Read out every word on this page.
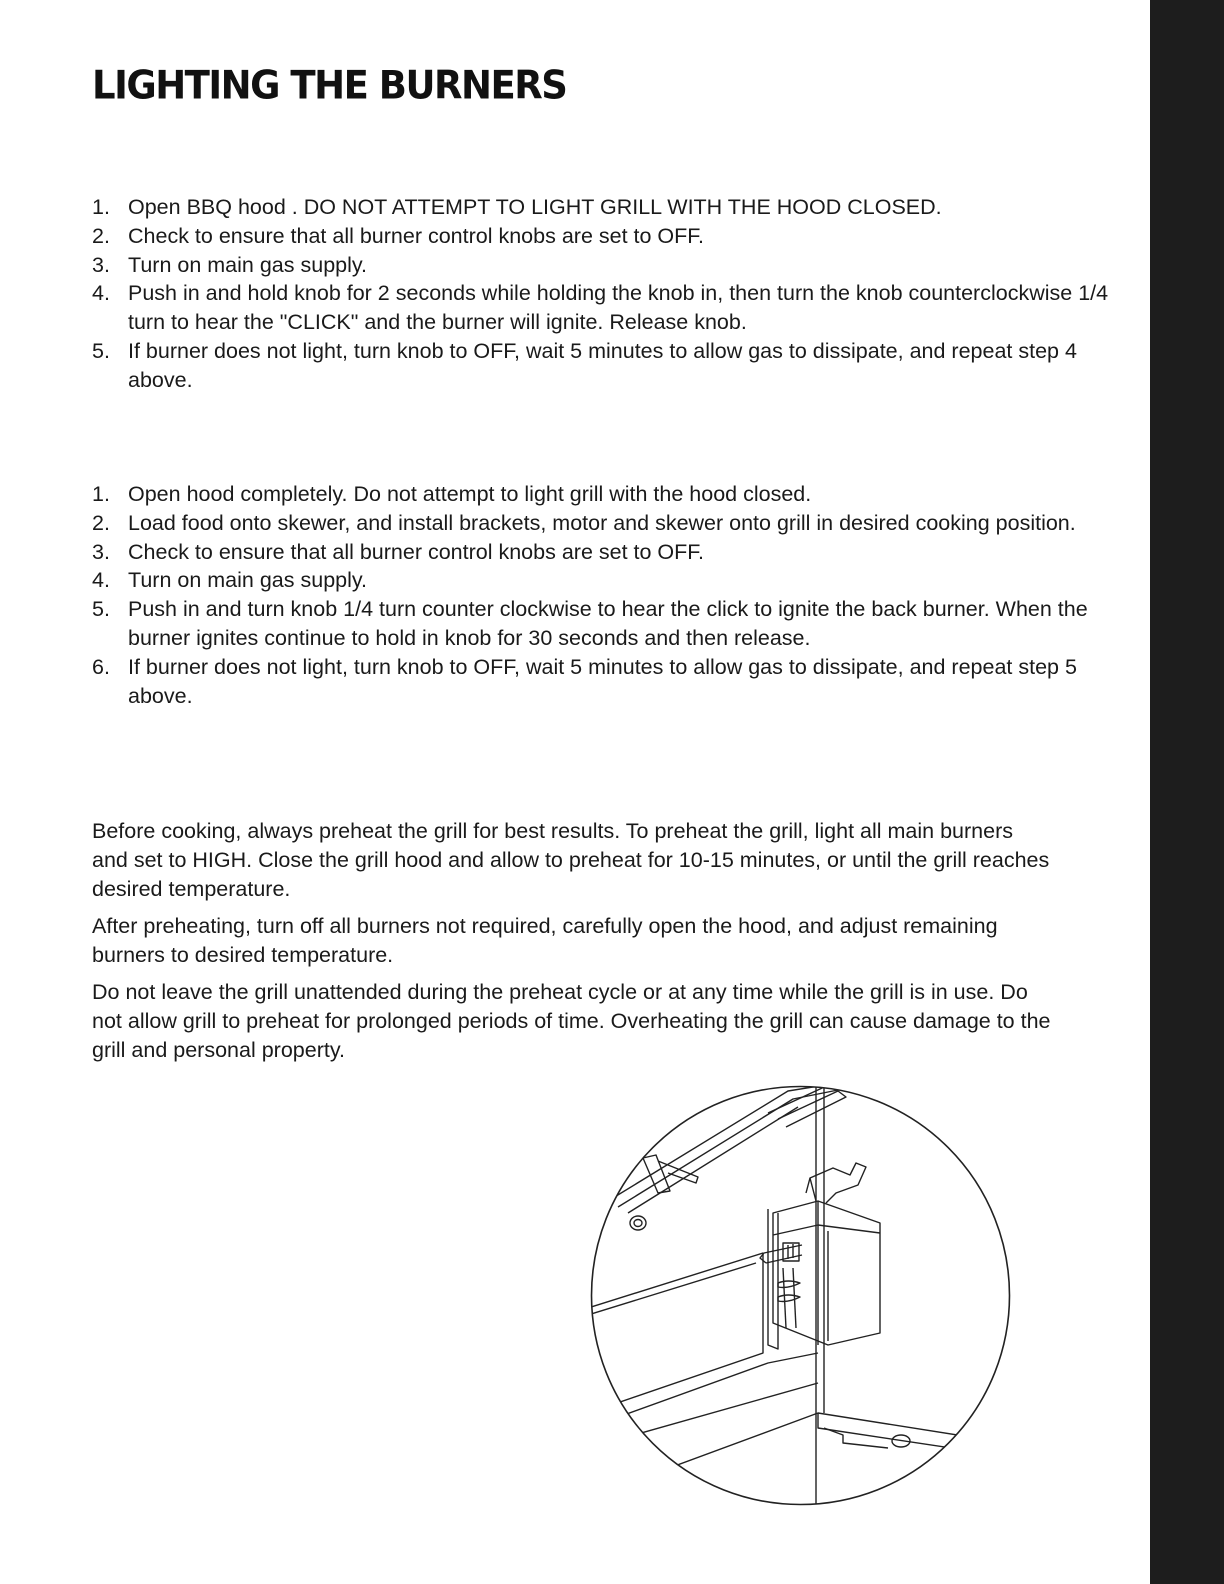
LIGHTING THE BURNERS
1. Open BBQ hood . DO NOT ATTEMPT TO LIGHT GRILL WITH THE HOOD CLOSED.
2. Check to ensure that all burner control knobs are set to OFF.
3. Turn on main gas supply.
4. Push in and hold knob for 2 seconds while holding the knob in, then turn the knob counterclockwise 1/4 turn to hear the "CLICK" and the burner will ignite. Release knob.
5. If burner does not light, turn knob to OFF, wait 5 minutes to allow gas to dissipate, and repeat step 4 above.
1. Open hood completely. Do not attempt to light grill with the hood closed.
2. Load food onto skewer, and install brackets, motor and skewer onto grill in desired cooking position.
3. Check to ensure that all burner control knobs are set to OFF.
4. Turn on main gas supply.
5. Push in and turn knob 1/4 turn counter clockwise to hear the click to ignite the back burner. When the burner ignites continue to hold in knob for 30 seconds and then release.
6. If burner does not light, turn knob to OFF, wait 5 minutes to allow gas to dissipate, and repeat step 5 above.

Before cooking, always preheat the grill for best results. To preheat the grill, light all main burners and set to HIGH. Close the grill hood and allow to preheat for 10-15 minutes, or until the grill reaches desired temperature.

After preheating, turn off all burners not required, carefully open the hood, and adjust remaining burners to desired temperature.

Do not leave the grill unattended during the preheat cycle or at any time while the grill is in use. Do not allow grill to preheat for prolonged periods of time. Overheating the grill can cause damage to the grill and personal property.
